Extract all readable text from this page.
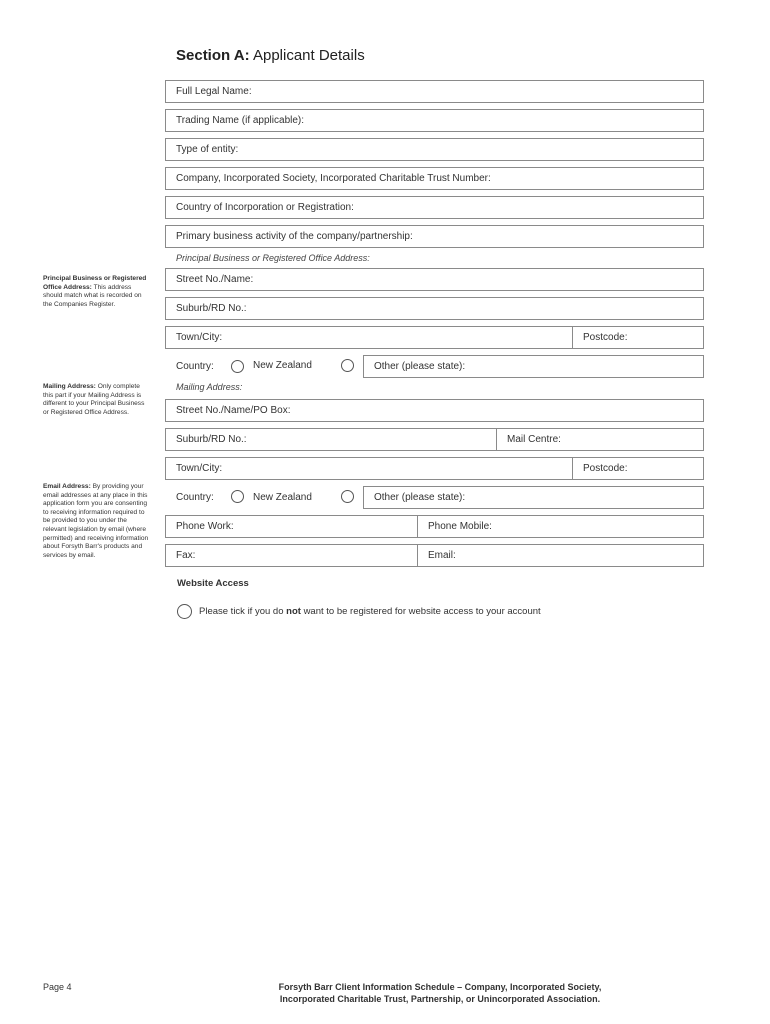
Section A: Applicant Details
Full Legal Name:
Trading Name (if applicable):
Type of entity:
Company, Incorporated Society, Incorporated Charitable Trust Number:
Country of Incorporation or Registration:
Primary business activity of the company/partnership:
Principal Business or Registered Office Address:
Street No./Name:
Suburb/RD No.:
Town/City:	Postcode:
Country:	New Zealand	Other (please state):
Mailing Address:
Street No./Name/PO Box:
Suburb/RD No.:	Mail Centre:
Town/City:	Postcode:
Country:	New Zealand	Other (please state):
Phone Work:	Phone Mobile:
Fax:	Email:
Principal Business or Registered Office Address: This address should match what is recorded on the Companies Register.
Mailing Address: Only complete this part if your Mailing Address is different to your Principal Business or Registered Office Address.
Email Address: By providing your email addresses at any place in this application form you are consenting to receiving information required to be provided to you under the relevant legislation by email (where permitted) and receiving information about Forsyth Barr's products and services by email.
Website Access
Please tick if you do not want to be registered for website access to your account
Page 4	Forsyth Barr Client Information Schedule – Company, Incorporated Society,
Incorporated Charitable Trust, Partnership, or Unincorporated Association.
